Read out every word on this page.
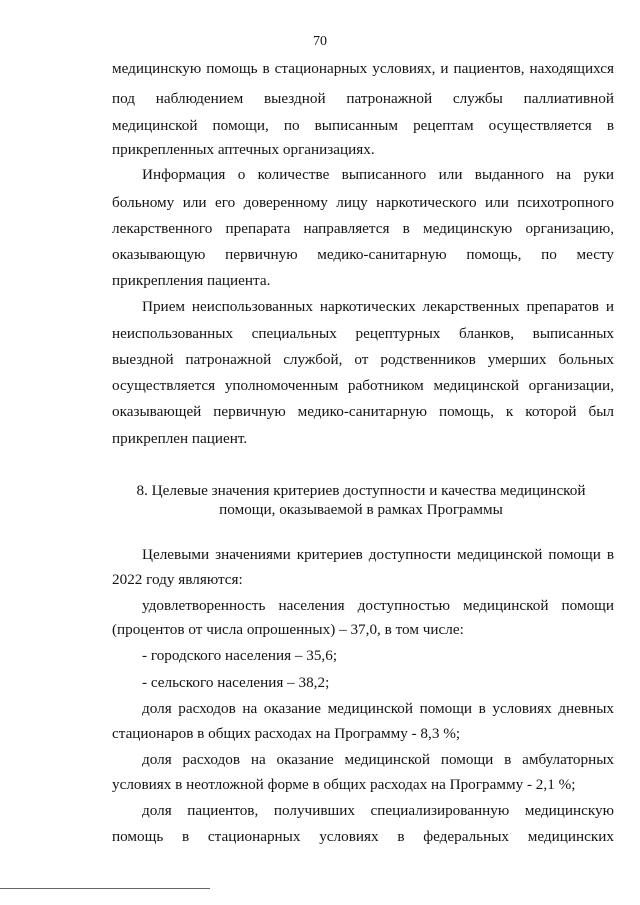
70
медицинскую помощь в стационарных условиях, и пациентов, находящихся
под наблюдением выездной патронажной службы паллиативной
медицинской помощи, по выписанным рецептам осуществляется в
прикрепленных аптечных организациях.
Информация о количестве выписанного или выданного на руки
больному или его доверенному лицу наркотического или психотропного
лекарственного препарата направляется в медицинскую организацию,
оказывающую первичную медико-санитарную помощь, по месту
прикрепления пациента.
Прием неиспользованных наркотических лекарственных препаратов и
неиспользованных специальных рецептурных бланков, выписанных
выездной патронажной службой, от родственников умерших больных
осуществляется уполномоченным работником медицинской организации,
оказывающей первичную медико-санитарную помощь, к которой был
прикреплен пациент.
8. Целевые значения критериев доступности и качества медицинской
помощи, оказываемой в рамках Программы
Целевыми значениями критериев доступности медицинской помощи в
2022 году являются:
удовлетворенность населения доступностью медицинской помощи
(процентов от числа опрошенных) – 37,0, в том числе:
- городского населения – 35,6;
- сельского населения – 38,2;
доля расходов на оказание медицинской помощи в условиях дневных
стационаров в общих расходах на Программу - 8,3 %;
доля расходов на оказание медицинской помощи в амбулаторных
условиях в неотложной форме в общих расходах на Программу - 2,1 %;
доля пациентов, получивших специализированную медицинскую
помощь в стационарных условиях в федеральных медицинских
